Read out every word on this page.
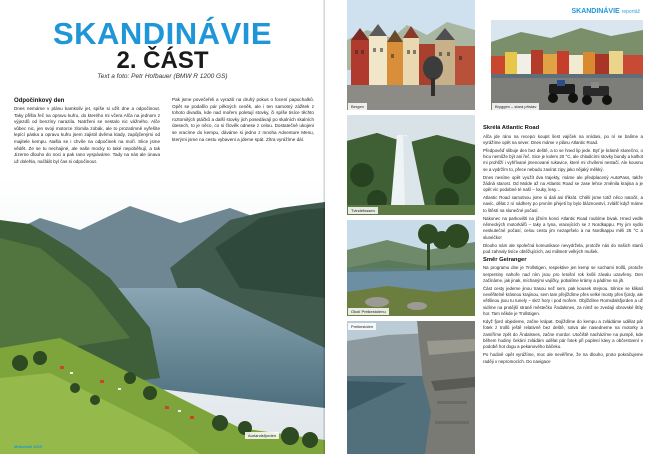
SKANDINÁVIE
2. ČÁST
Text a foto: Petr Hofbauer (BMW R 1200 GS)
Odpočinkový den

Dnes nemáme v plánu kamkoliv jet, spíše si užít dne a odpočinout. Taky přišla řeč na opravu kufru, do kterého mi včera Alča na jednom z výjezdů od benzíny narazila. Natrženi se nestalo nic vážného. Alče vůbec nic, jen svoji motorce zlomila zobák, ale to prozatímně vyřešíte lepící páska a opravu kufru jsem zajistil dvěma klady, zapůjčenými od majitele kempu. Našla se i chvíle na odpočinek na moři. Slice jsme vědět. Ze se tu nechajiné, ale naše mocky to také nepoběhují, a tak Jizerne dlouho do noci a pak rano vyspáváme. Tady na nás ale únava už dolehla, načlálit byl čas si odpočinout.

Pak jsme povečeřeli a vyrazili na druhý pokus o focení papuchalků. Opět se podařilo pár pěkných ceněk, ale i ten samotný zážitek z tohoto divadla, kde nad mořem poletují stovky, či spíše tisíce těchto roztomilých ptáčků a další stovky jich posedávají po skalních skalních útesech, to je něco, co si člověk odnese z celou. Dostatečně ukojeni se vracíme do kempu, dáváme si jedno z mnoha Adventure Menu, kterými jsme na cestu vybaveni a jdeme spát. Zítra vyrážíme dál.

Aurlandsfjorden
Motorkáři 2019
Bergen
SKANDINÁVIE reportáž
Bryggen – stará přístav
Tvindefossen
Okolí Preikestolenu
Preikestolen
Skrélá Atlantic Road

Alča jde ráno na recepci koupit šest vajíček na snídani, po ní se balíme a vyrážíme opět na sever. Dnes máme v plánu Atlantic Road.

Předpověď slibuje den bez deště, a to se hned lip jede. Byť je krásně slunečno, o hicu nemůže být ani řeč. Sice je kolem 20 °C, ale chladicími stovky bundy a kalhot mi prohlíží i vyhřívané jmenované rukavice, které mi chvílemi nestačí. Ale kousnu se a vydržím to, přece nebudu zavírat zipy jako nějaký měkký.

Dnes nesíme opět využít dva trajekty, máme ale předplacený AutoPass, takže žádná starost. Od Molde až na Atlantic Road se zase lehce změnila krajina a je opět víc podobné té naší – louky, lesy…

Atlantic Road samotnou jsme si dali asi třikrát. Chtěli jsme totiž něco natočit, a navíc, dělat z ní nádhery po prvním přejetí by bylo bláznovství, zvlášť když máme to štěstí na slunečné počasí.

Nakonec na parkovišti na jižním konci Atlantic Road roubíme bivak. Hned vedle německých motorkářů – taky a tyna, vracejících se z Nordkappu. Pry jim sydlo neskutečné počasí, celou cestu jim nezapršelo a na Nordkappu měli 25 °C a slunéčko!

Dlouho nám ale společná komunikace nevydržela, protože nás do našich stanů pod zahnaly tisíce obtěžujících, asi milimetr velkých mušek.

Směr Geiranger

Na programu dne je Trollstigen, respektive jen kemp se sochami trollů, protože serpentiny nahoře nad ním jsou pro letošní rok kvůli závalu uzavřeny. Den začínáme, jak jinak, míchanými vajíčky, pobalíme krámy a pádíme na jih.

Část cesty jedeme jinou trasou než sem, pak kousek stejnou. Silnice se klikatí nevěřitelně krásnou krajinou, sem tam přejíždíme přes velké mosty přes fjordy, ale většinou jsou tu tunely – skrz hory i pod mořem. Objíždíme Romsdalsfjorden a už vidíme na protější straně městečko Åndalsnes, za nímž se zvedají obrovské štíty hor. Tam někde je Trollstigen.

Když fjord objedeme, začne krápat. Dojíždíme do kempu a zvládáme udělat pár fotek z trollů ještě relativně bez deště, sotva ale nasedneme na motorky a zamíříme zpět do Åndalsnes, začne mordor. Utočiště nacházíme na pumpě, kde během hodiny čekání zvládám udělat pár fotek při poplení kávy a občerstvení v podobě hot dogu a pekanového báčeku.

Po hodině opět vyrážíme, moc ale nevěříme, že na dlouho, proto pokračujeme raději v nepromocích. Do navigace
